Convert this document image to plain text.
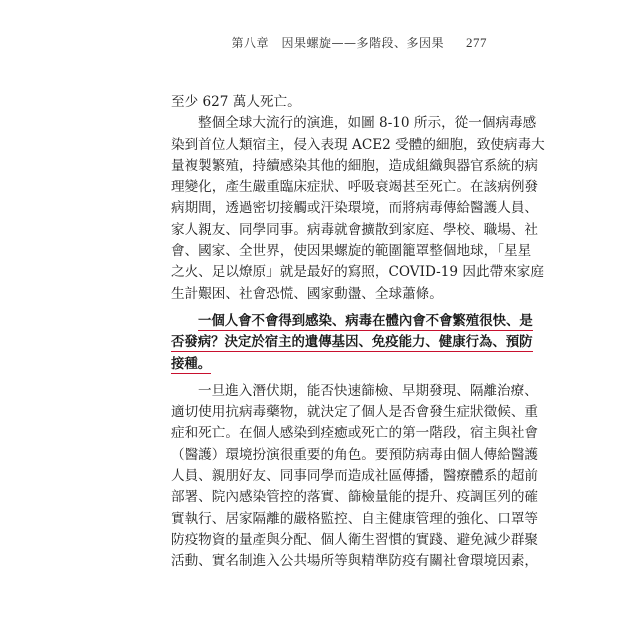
第八章　因果螺旋——多階段、多因果 277
至少 627 萬人死亡。
整個全球大流行的演進，如圖 8-10 所示，從一個病毒感
染到首位人類宿主，侵入表現 ACE2 受體的細胞，致使病毒大
量複製繁殖，持續感染其他的細胞，造成組織與器官系統的病
理變化，產生嚴重臨床症狀、呼吸衰竭甚至死亡。在該病例發
病期間，透過密切接觸或汗染環境，而將病毒傳給醫護人員、
家人親友、同學同事。病毒就會擴散到家庭、學校、職場、社
會、國家、全世界，使因果螺旋的範圍籠罩整個地球，「星星
之火、足以燎原」就是最好的寫照，COVID-19 因此帶來家庭
生計艱困、社會恐慌、國家動盪、全球蕭條。
一個人會不會得到感染、病毒在體內會不會繁殖很快、是
否發病？決定於宿主的遺傳基因、免疫能力、健康行為、預防
接種。
一旦進入潛伏期，能否快速篩檢、早期發現、隔離治療、
適切使用抗病毒藥物，就決定了個人是否會發生症狀徵候、重
症和死亡。在個人感染到痊癒或死亡的第一階段，宿主與社會
（醫護）環境扮演很重要的角色。要預防病毒由個人傳給醫護
人員、親朋好友、同事同學而造成社區傳播，醫療體系的超前
部署、院內感染管控的落實、篩檢量能的提升、疫調匡列的確
實執行、居家隔離的嚴格監控、自主健康管理的強化、口罩等
防疫物資的量產與分配、個人衛生習慣的實踐、避免減少群聚
活動、實名制進入公共場所等與精準防疫有關社會環境因素，
